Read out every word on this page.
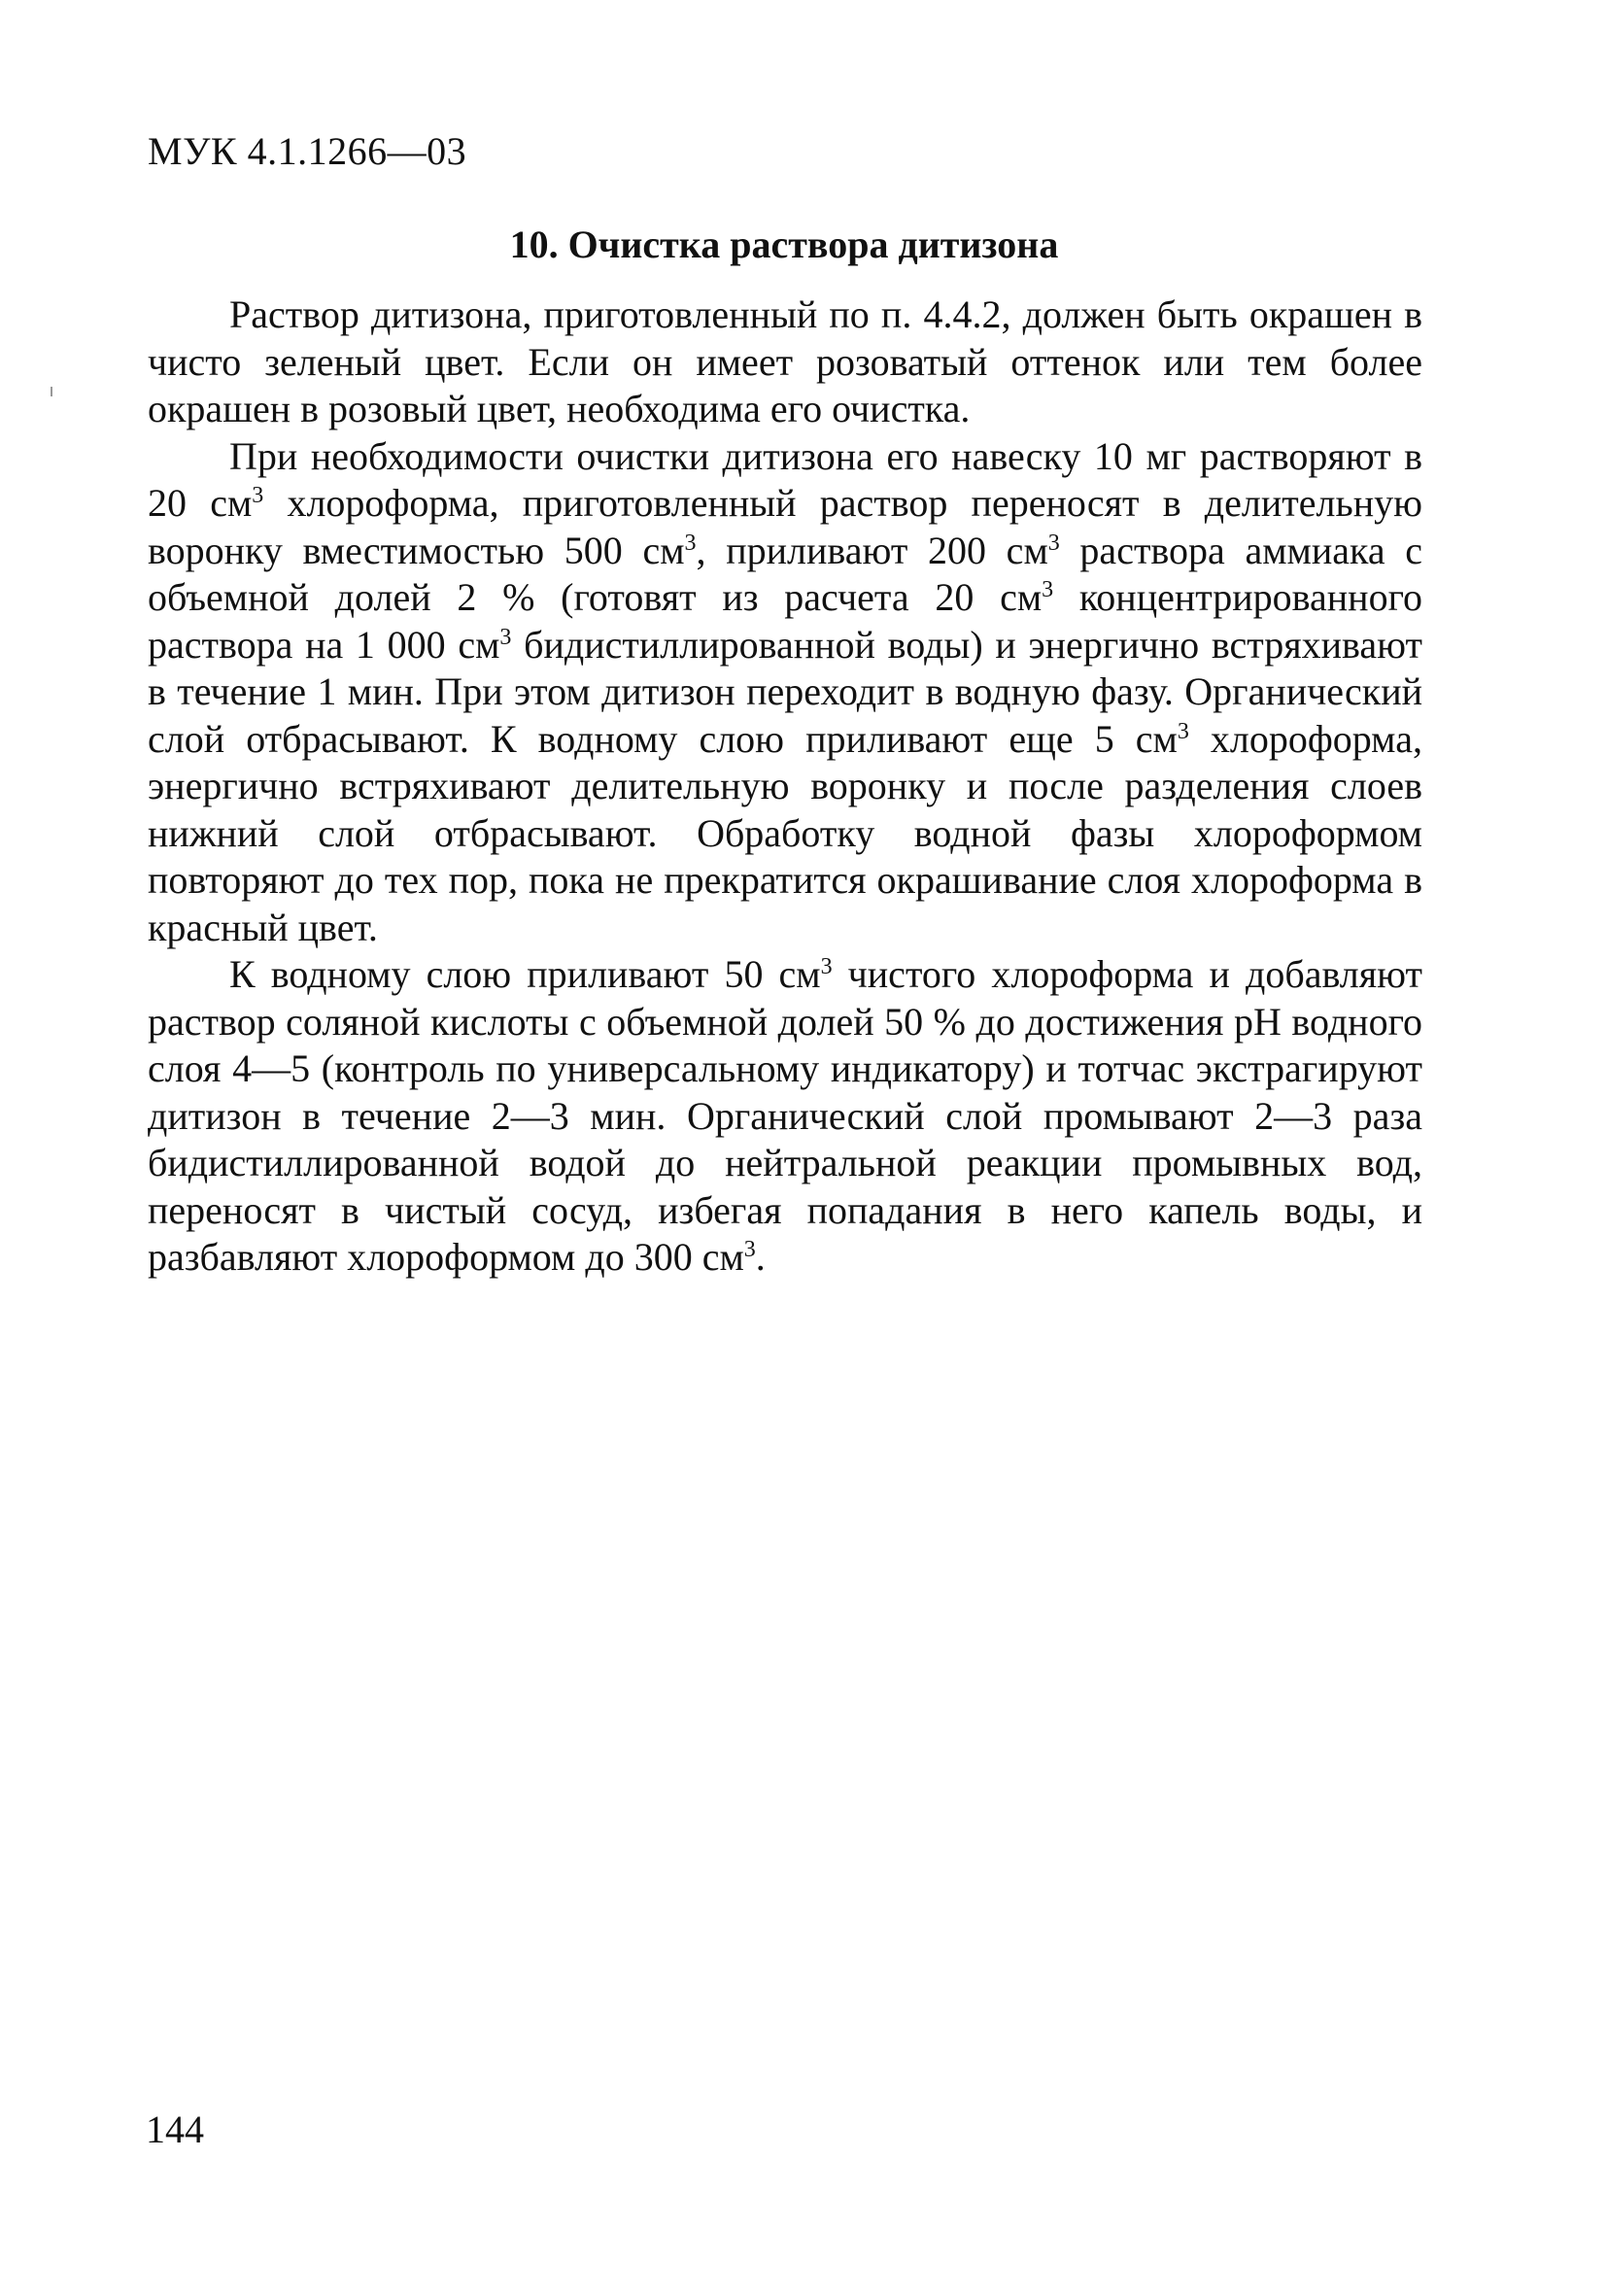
МУК 4.1.1266—03
10. Очистка раствора дитизона

Раствор дитизона, приготовленный по п. 4.4.2, должен быть окрашен в чисто зеленый цвет. Если он имеет розоватый оттенок или тем более окрашен в розовый цвет, необходима его очистка.

При необходимости очистки дитизона его навеску 10 мг растворяют в 20 $см^3$ хлороформа, приготовленный раствор переносят в делительную воронку вместимостью 500 $см^3$, приливают 200 $см^3$ раствора аммиака с объемной долей 2 % (готовят из расчета 20 $см^3$ концентрированного раствора на 1 000 $см^3$ бидистиллированной воды) и энергично встряхивают в течение 1 мин. При этом дитизон переходит в водную фазу. Органический слой отбрасывают. К водному слою приливают еще 5 $см^3$ хлороформа, энергично встряхивают делительную воронку и после разделения слоев нижний слой отбрасывают. Обработку водной фазы хлороформом повторяют до тех пор, пока не прекратится окрашивание слоя хлороформа в красный цвет.

К водному слою приливают 50 $см^3$ чистого хлороформа и добавляют раствор соляной кислоты с объемной долей 50 % до достижения рН водного слоя 4—5 (контроль по универсальному индикатору) и тотчас экстрагируют дитизон в течение 2—3 мин. Органический слой промывают 2—3 раза бидистиллированной водой до нейтральной реакции промывных вод, переносят в чистый сосуд, избегая попадания в него капель воды, и разбавляют хлороформом до 300 $см^3$.

144
